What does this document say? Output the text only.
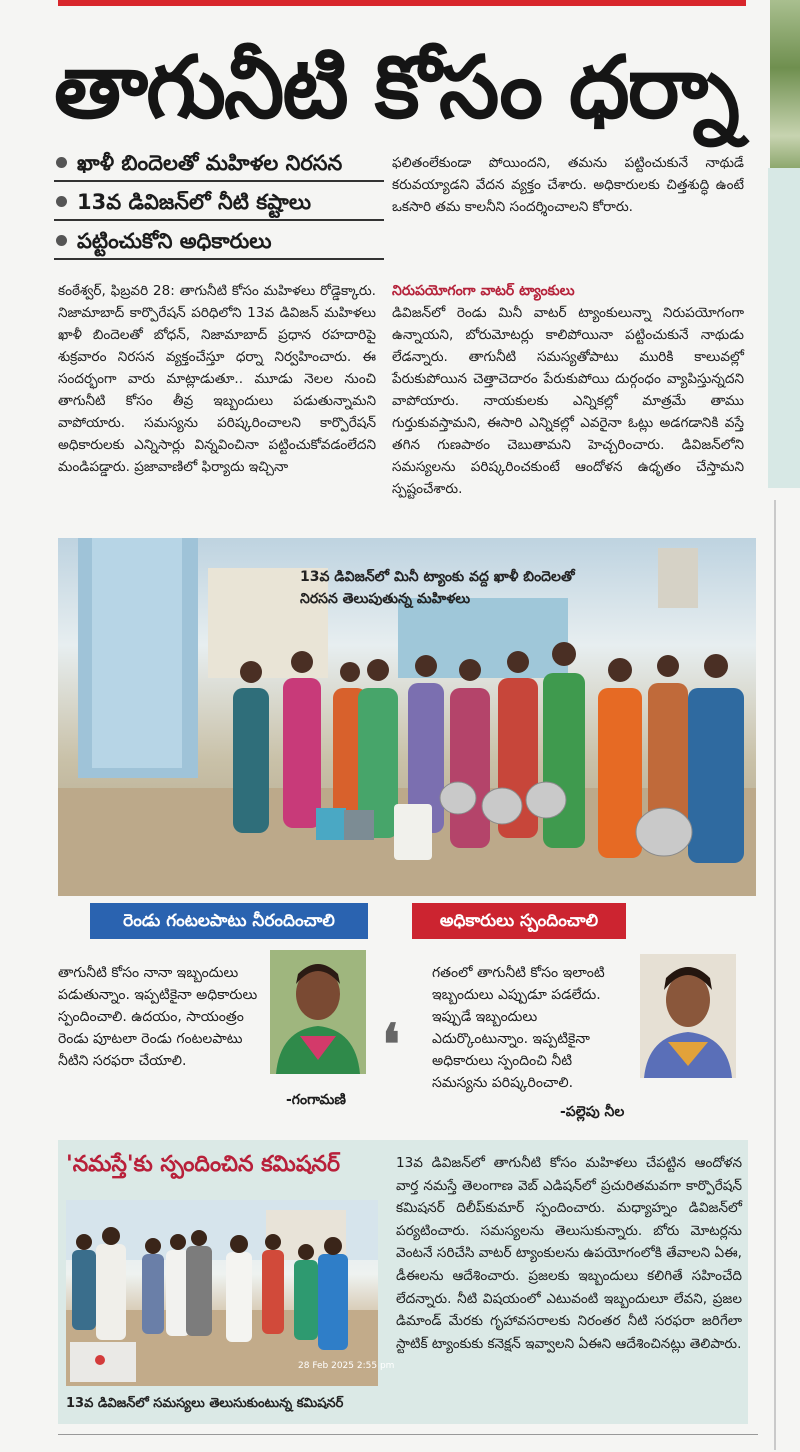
తాగునీటి కోసం ధర్నా
ఖాళీ బిందెలతో మహిళల నిరసన
13వ డివిజన్‌లో నీటి కష్టాలు
పట్టించుకోని అధికారులు

ఫలితంలేకుండా పోయిందని, తమను పట్టించుకునే నాథుడే కరువయ్యాడని వేదన వ్యక్తం చేశారు. అధికారులకు చిత్తశుద్ధి ఉంటే ఒకసారి తమ కాలనీని సందర్శించాలని కోరారు.

కంఠేశ్వర్, ఫిబ్రవరి 28: తాగునీటి కోసం మహిళలు రోడ్డెక్కారు. నిజామాబాద్ కార్పొరేషన్ పరిధిలోని 13వ డివిజన్ మహిళలు ఖాళీ బిందెలతో బోధన్, నిజామాబాద్ ప్రధాన రహదారిపై శుక్రవారం నిరసన వ్యక్తంచేస్తూ ధర్నా నిర్వహించారు. ఈ సందర్భంగా వారు మాట్లాడుతూ.. మూడు నెలల నుంచి తాగునీటి కోసం తీవ్ర ఇబ్బందులు పడుతున్నామని వాపోయారు. సమస్యను పరిష్కరించాలని కార్పొరేషన్ అధికారులకు ఎన్నిసార్లు విన్నవించినా పట్టించుకోవడంలేదని మండిపడ్డారు. ప్రజావాణిలో ఫిర్యాదు ఇచ్చినా

నిరుపయోగంగా వాటర్ ట్యాంకులు

డివిజన్‌లో రెండు మినీ వాటర్ ట్యాంకులున్నా నిరుపయోగంగా ఉన్నాయని, బోరుమోటర్లు కాలిపోయినా పట్టించుకునే నాథుడు లేడన్నారు. తాగునీటి సమస్యతోపాటు మురికి కాలువల్లో పేరుకుపోయిన చెత్తాచెదారం పేరుకుపోయి దుర్గంధం వ్యాపిస్తున్నదని వాపోయారు. నాయకులకు ఎన్నికల్లో మాత్రమే తాము గుర్తుకువస్తామని, ఈసారి ఎన్నికల్లో ఎవరైనా ఓట్లు అడగడానికి వస్తే తగిన గుణపాఠం చెబుతామని హెచ్చరించారు. డివిజన్‌లోని సమస్యలను పరిష్కరించకుంటే ఆందోళన ఉధృతం చేస్తామని స్పష్టంచేశారు.

13వ డివిజన్‌లో మినీ ట్యాంకు వద్ద ఖాళీ బిందెలతో నిరసన తెలుపుతున్న మహిళలు
రెండు గంటలపాటు నీరందించాలి	అధికారులు స్పందించాలి
తాగునీటి కోసం నానా ఇబ్బందులు పడుతున్నాం. ఇప్పటికైనా అధికారులు స్పందించాలి. ఉదయం, సాయంత్రం రెండు పూటలా రెండు గంటలపాటు నీటిని సరఫరా చేయాలి.
-గంగామణి
❛
గతంలో తాగునీటి కోసం ఇలాంటి ఇబ్బందులు ఎప్పుడూ పడలేదు. ఇప్పుడే ఇబ్బందులు ఎదుర్కొంటున్నాం. ఇప్పటికైనా అధికారులు స్పందించి నీటి సమస్యను పరిష్కరించాలి.
-పల్లెపు నీల
'నమస్తే'కు స్పందించిన కమిషనర్
28 Feb 2025 2:55 pm
13వ డివిజన్‌లో సమస్యలు తెలుసుకుంటున్న కమిషనర్
13వ డివిజన్‌లో తాగునీటి కోసం మహిళలు చేపట్టిన ఆందోళన వార్త నమస్తే తెలంగాణ వెబ్ ఎడిషన్‌లో ప్రచురితమవగా కార్పొరేషన్ కమిషనర్ దిలీప్‌కుమార్ స్పందించారు. మధ్యాహ్నం డివిజన్‌లో పర్యటించారు. సమస్యలను తెలుసుకున్నారు. బోరు మోటర్లను వెంటనే సరిచేసి వాటర్ ట్యాంకులను ఉపయోగంలోకి తేవాలని ఏఈ, డీఈలను ఆదేశించారు. ప్రజలకు ఇబ్బందులు కలిగితే సహించేది లేదన్నారు. నీటి విషయంలో ఎటువంటి ఇబ్బందులూ లేవని, ప్రజల డిమాండ్ మేరకు గృహావసరాలకు నిరంతర నీటి సరఫరా జరిగేలా స్టాటిక్ ట్యాంకుకు కనెక్షన్ ఇవ్వాలని ఏఈని ఆదేశించినట్లు తెలిపారు.
